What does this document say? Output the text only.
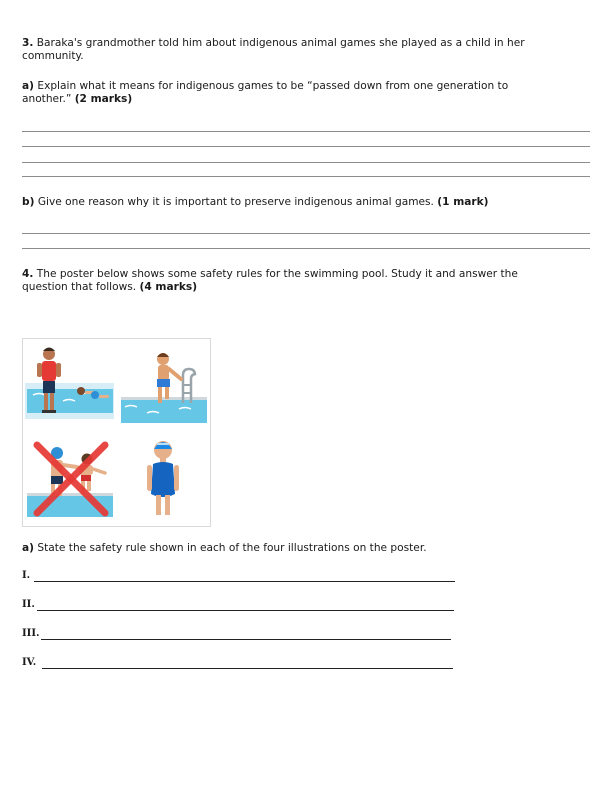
3. Baraka's grandmother told him about indigenous animal games she played as a child in her
community.
a) Explain what it means for indigenous games to be “passed down from one generation to
another.” (2 marks)
b) Give one reason why it is important to preserve indigenous animal games. (1 mark)
4. The poster below shows some safety rules for the swimming pool. Study it and answer the
question that follows. (4 marks)
a) State the safety rule shown in each of the four illustrations on the poster.
I.
II.
III.
IV.
